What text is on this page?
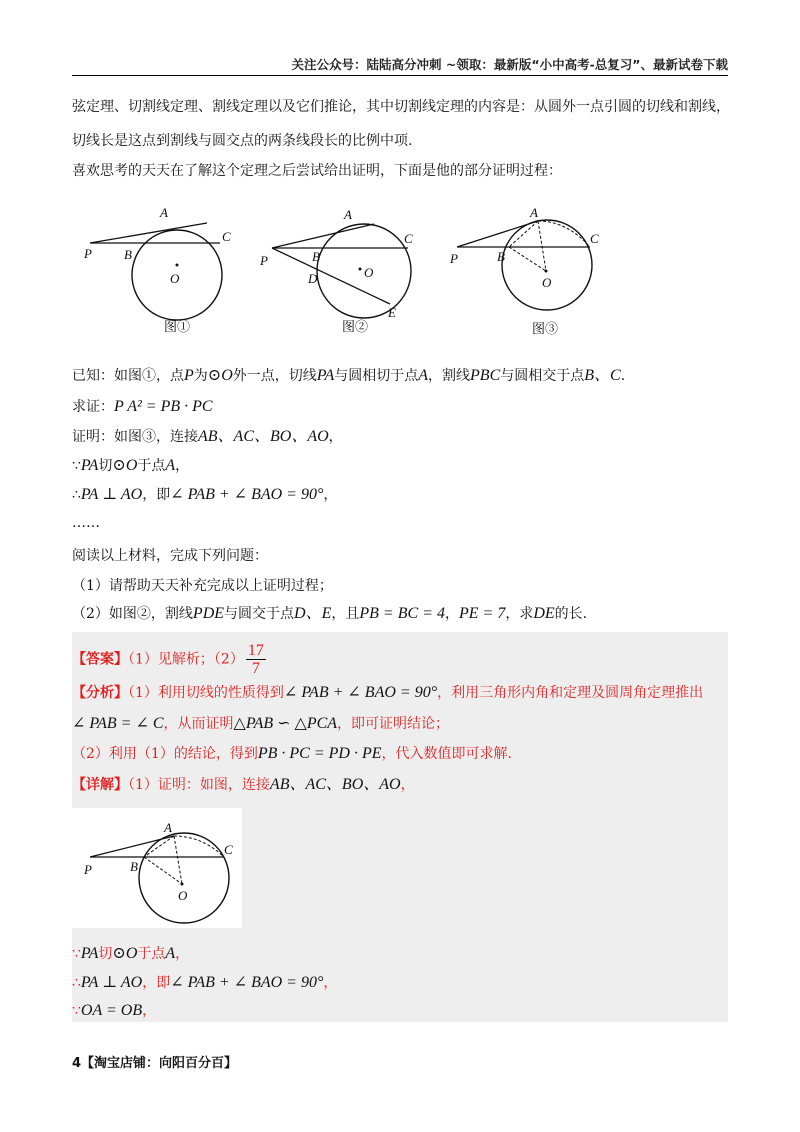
关注公众号：陆陆高分冲刺 ~领取：最新版“小中高考-总复习”、最新试卷下载
弦定理、切割线定理、割线定理以及它们推论，其中切割线定理的内容是：从圆外一点引圆的切线和割线，
切线长是这点到割线与圆交点的两条线段长的比例中项.
喜欢思考的天天在了解这个定理之后尝试给出证明，下面是他的部分证明过程：
A
C
P B
O
图①
A
C
P	B
D	O
E
图②
A
C
P	B
O
图③
已知：如图①，点P为⊙O外一点，切线PA与圆相切于点A，割线PBC与圆相交于点B、C.
求证：P A² = PB · PC
证明：如图③，连接AB、AC、BO、AO，
∵PA切⊙O于点A，
∴PA ⊥ AO，即∠ PAB + ∠ BAO = 90°，
……
阅读以上材料，完成下列问题：
（1）请帮助天天补充完成以上证明过程；
（2）如图②，割线PDE与圆交于点D、E，且PB = BC = 4，PE = 7，求DE的长.
【答案】（1）见解析；$(2) \frac{17}{7}$
【分析】（1）利用切线的性质得到∠ PAB + ∠ BAO = 90°，利用三角形内角和定理及圆周角定理推出
∠ PAB = ∠ C，从而证明△PAB ∽ △PCA，即可证明结论；
（2）利用（1）的结论，得到PB · PC = PD · PE，代入数值即可求解.
【详解】（1）证明：如图，连接AB、AC、BO、AO，
A
C
P	B
O
∵PA切⊙O于点A，
∴PA ⊥ AO，即∠ PAB + ∠ BAO = 90°，
∵OA = OB，
4【淘宝店铺：向阳百分百】
